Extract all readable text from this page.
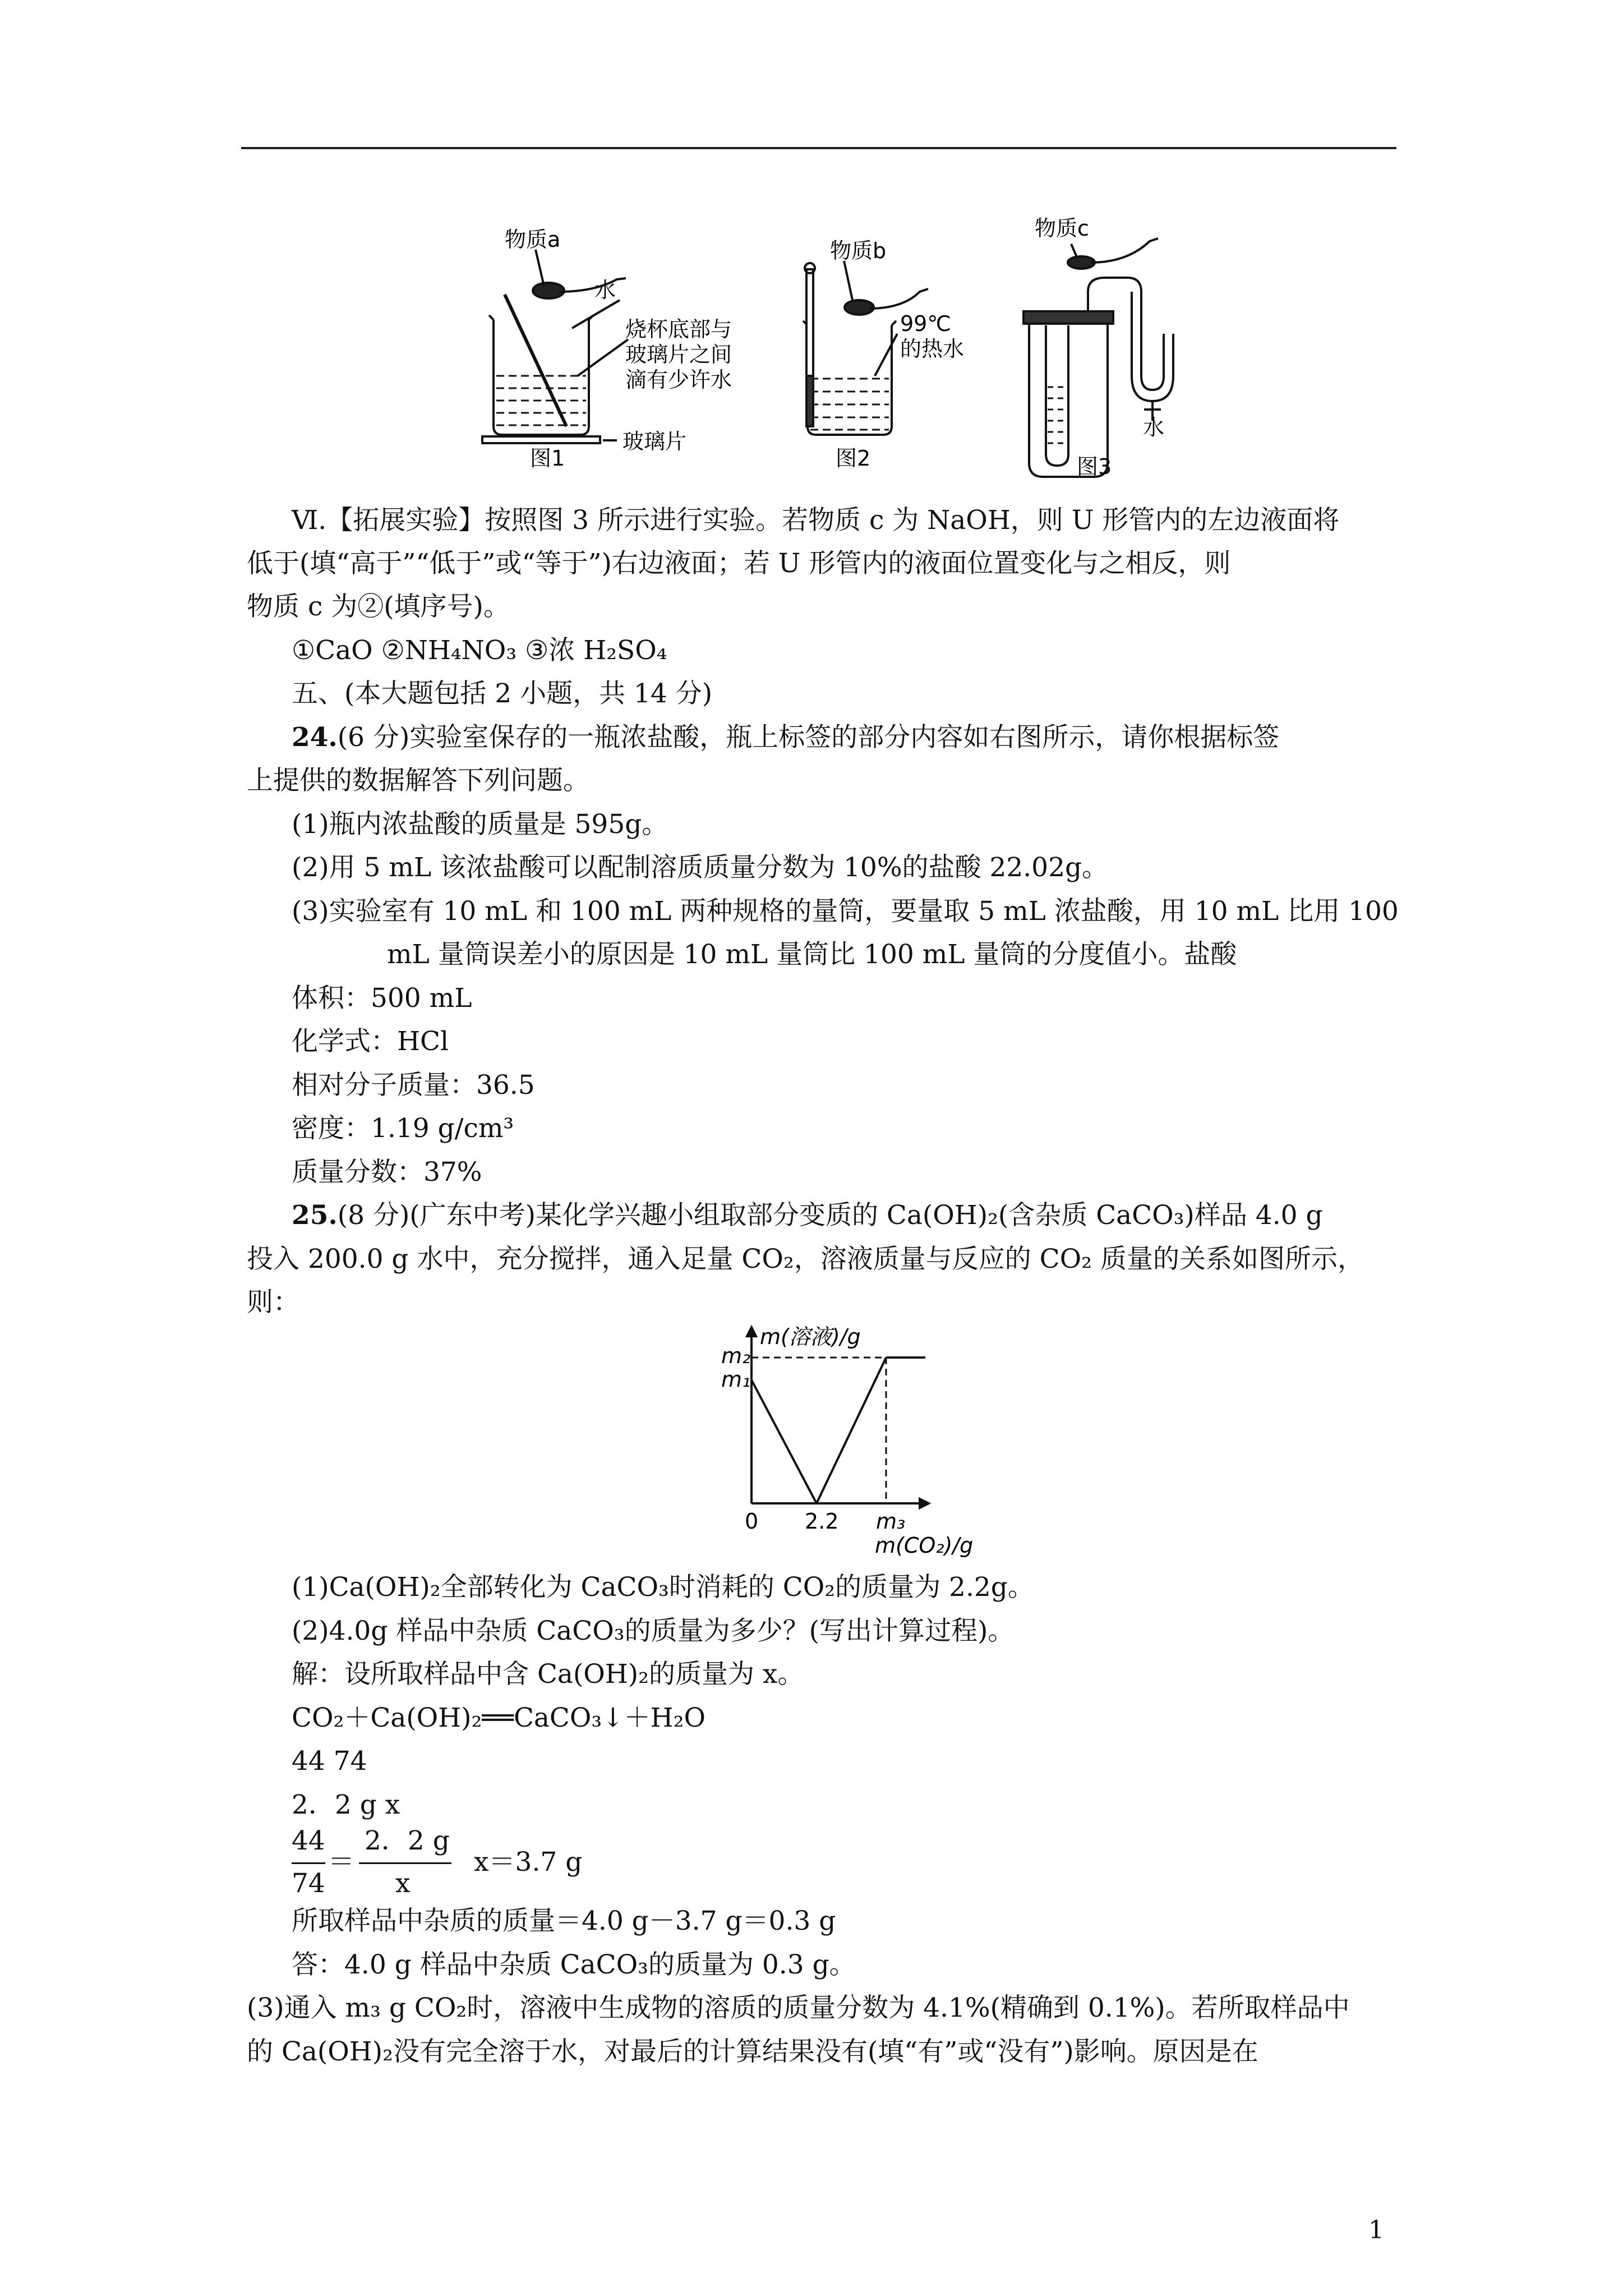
物质a
水
烧杯底部与
玻璃片之间
滴有少许水
玻璃片
图1
物质b
99℃
的热水
图2
物质c
水
图3
Ⅵ.【拓展实验】按照图 3 所示进行实验。若物质 c 为 NaOH，则 U 形管内的左边液面将
低于(填“高于”“低于”或“等于”)右边液面；若 U 形管内的液面位置变化与之相反，则
物质 c 为②(填序号)。
①CaO ②NH₄NO₃ ③浓 H₂SO₄
五、(本大题包括 2 小题，共 14 分)
24.(6 分)实验室保存的一瓶浓盐酸，瓶上标签的部分内容如右图所示，请你根据标签
上提供的数据解答下列问题。
(1)瓶内浓盐酸的质量是 595g。
(2)用 5 mL 该浓盐酸可以配制溶质质量分数为 10%的盐酸 22.02g。
(3)实验室有 10 mL 和 100 mL 两种规格的量筒，要量取 5 mL 浓盐酸，用 10 mL 比用 100
mL 量筒误差小的原因是 10 mL 量筒比 100 mL 量筒的分度值小。盐酸
体积：500 mL
化学式：HCl
相对分子质量：36.5
密度：1.19 g/cm³
质量分数：37%
25.(8 分)(广东中考)某化学兴趣小组取部分变质的 Ca(OH)₂(含杂质 CaCO₃)样品 4.0 g
投入 200.0 g 水中，充分搅拌，通入足量 CO₂，溶液质量与反应的 CO₂ 质量的关系如图所示，
则：
m(溶液)/g
m(CO₂)/g
m₂
m₁
0 2.2 m₃
(1)Ca(OH)₂全部转化为 CaCO₃时消耗的 CO₂的质量为 2.2g。
(2)4.0g 样品中杂质 CaCO₃的质量为多少？(写出计算过程)。
解：设所取样品中含 Ca(OH)₂的质量为 x。
CO₂＋Ca(OH)₂══CaCO₃↓＋H₂O
44 74
2．2 g x
44
74
＝
2．2 g
x
x＝3.7 g
所取样品中杂质的质量＝4.0 g－3.7 g＝0.3 g
答：4.0 g 样品中杂质 CaCO₃的质量为 0.3 g。
(3)通入 m₃ g CO₂时，溶液中生成物的溶质的质量分数为 4.1%(精确到 0.1%)。若所取样品中
的 Ca(OH)₂没有完全溶于水，对最后的计算结果没有(填“有”或“没有”)影响。原因是在
1
